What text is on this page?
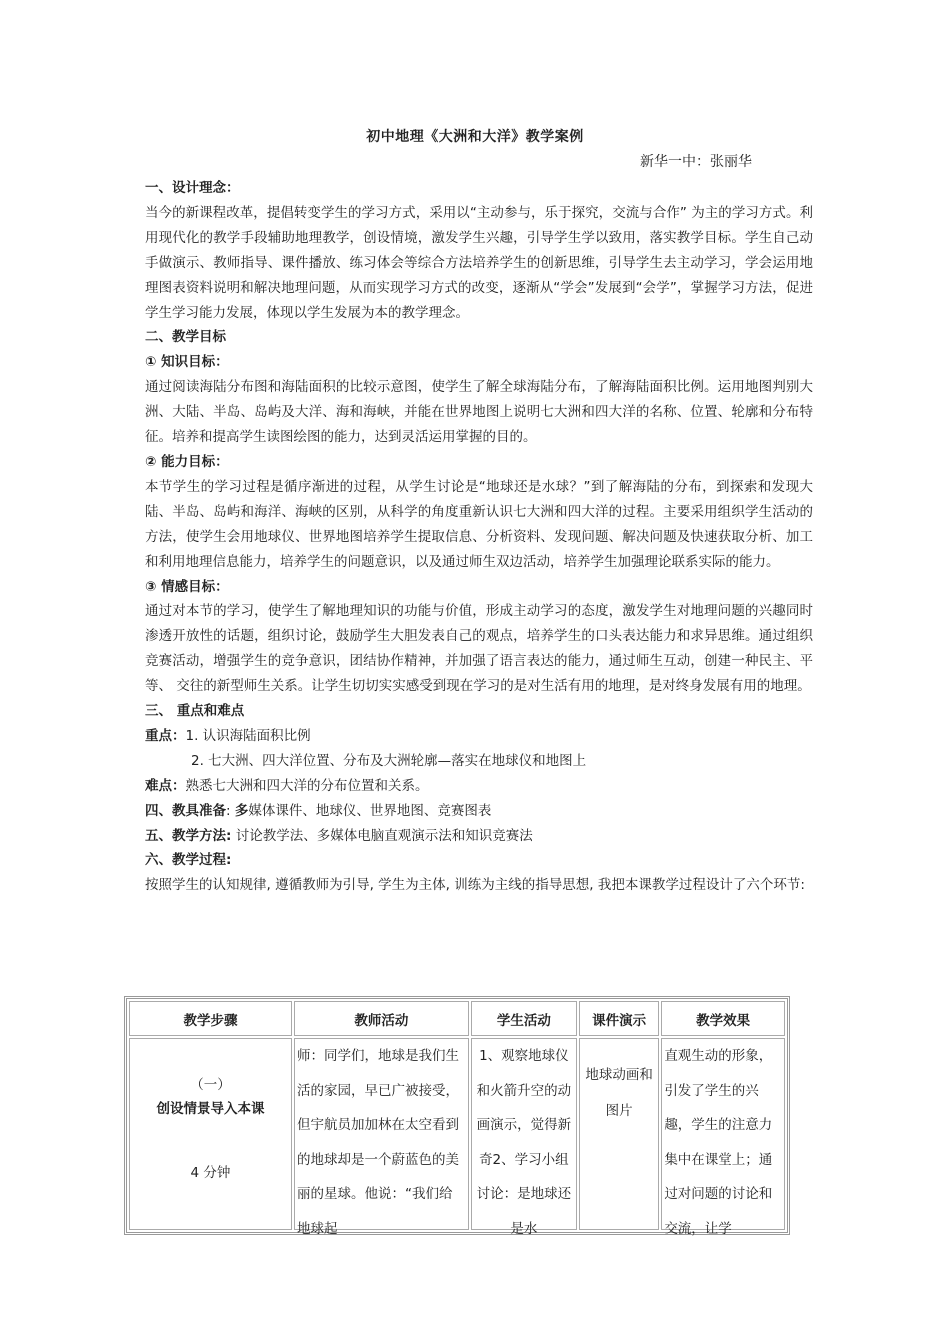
初中地理《大洲和大洋》教学案例
新华一中：张丽华
一、设计理念：
当今的新课程改革，提倡转变学生的学习方式，采用以“主动参与，乐于探究，交流与合作” 为主的学习方式。利用现代化的教学手段辅助地理教学，创设情境，激发学生兴趣，引导学生学以致用，落实教学目标。学生自己动手做演示、教师指导、课件播放、练习体会等综合方法培养学生的创新思维，引导学生去主动学习，学会运用地理图表资料说明和解决地理问题，从而实现学习方式的改变，逐渐从“学会”发展到“会学”，掌握学习方法，促进学生学习能力发展，体现以学生发展为本的教学理念。
二、教学目标
① 知识目标：
通过阅读海陆分布图和海陆面积的比较示意图，使学生了解全球海陆分布，了解海陆面积比例。运用地图判别大洲、大陆、半岛、岛屿及大洋、海和海峡，并能在世界地图上说明七大洲和四大洋的名称、位置、轮廓和分布特征。培养和提高学生读图绘图的能力，达到灵活运用掌握的目的。
② 能力目标：
本节学生的学习过程是循序渐进的过程，从学生讨论是“地球还是水球？”到了解海陆的分布，到探索和发现大陆、半岛、岛屿和海洋、海峡的区别，从科学的角度重新认识七大洲和四大洋的过程。主要采用组织学生活动的方法，使学生会用地球仪、世界地图培养学生提取信息、分析资料、发现问题、解决问题及快速获取分析、加工和利用地理信息能力，培养学生的问题意识，以及通过师生双边活动，培养学生加强理论联系实际的能力。
③ 情感目标：
通过对本节的学习，使学生了解地理知识的功能与价值，形成主动学习的态度，激发学生对地理问题的兴趣同时渗透开放性的话题，组织讨论，鼓励学生大胆发表自己的观点，培养学生的口头表达能力和求异思维。通过组织竞赛活动，增强学生的竞争意识，团结协作精神，并加强了语言表达的能力，通过师生互动，创建一种民主、平等、 交往的新型师生关系。让学生切切实实感受到现在学习的是对生活有用的地理，是对终身发展有用的地理。
三、 重点和难点
重点：1. 认识海陆面积比例
2. 七大洲、四大洋位置、分布及大洲轮廓—落实在地球仪和地图上
难点：熟悉七大洲和四大洋的分布位置和关系。
四、教具准备: 多媒体课件、地球仪、世界地图、竞赛图表
五、教学方法: 讨论教学法、多媒体电脑直观演示法和知识竞赛法
六、教学过程:
按照学生的认知规律, 遵循教师为引导, 学生为主体, 训练为主线的指导思想, 我把本课教学过程设计了六个环节:
教学步骤	教师活动	学生活动	课件演示	教学效果

（一）
创设情景导入本课
4 分钟	师：同学们，地球是我们生活的家园，早已广被接受，但宇航员加加林在太空看到的地球却是一个蔚蓝色的美丽的星球。他说：“我们给地球起	1、观察地球仪和火箭升空的动画演示，觉得新奇2、学习小组讨论：是地球还是水	地球动画和图片	直观生动的形象，引发了学生的兴趣，学生的注意力集中在课堂上；通过对问题的讨论和交流，让学
